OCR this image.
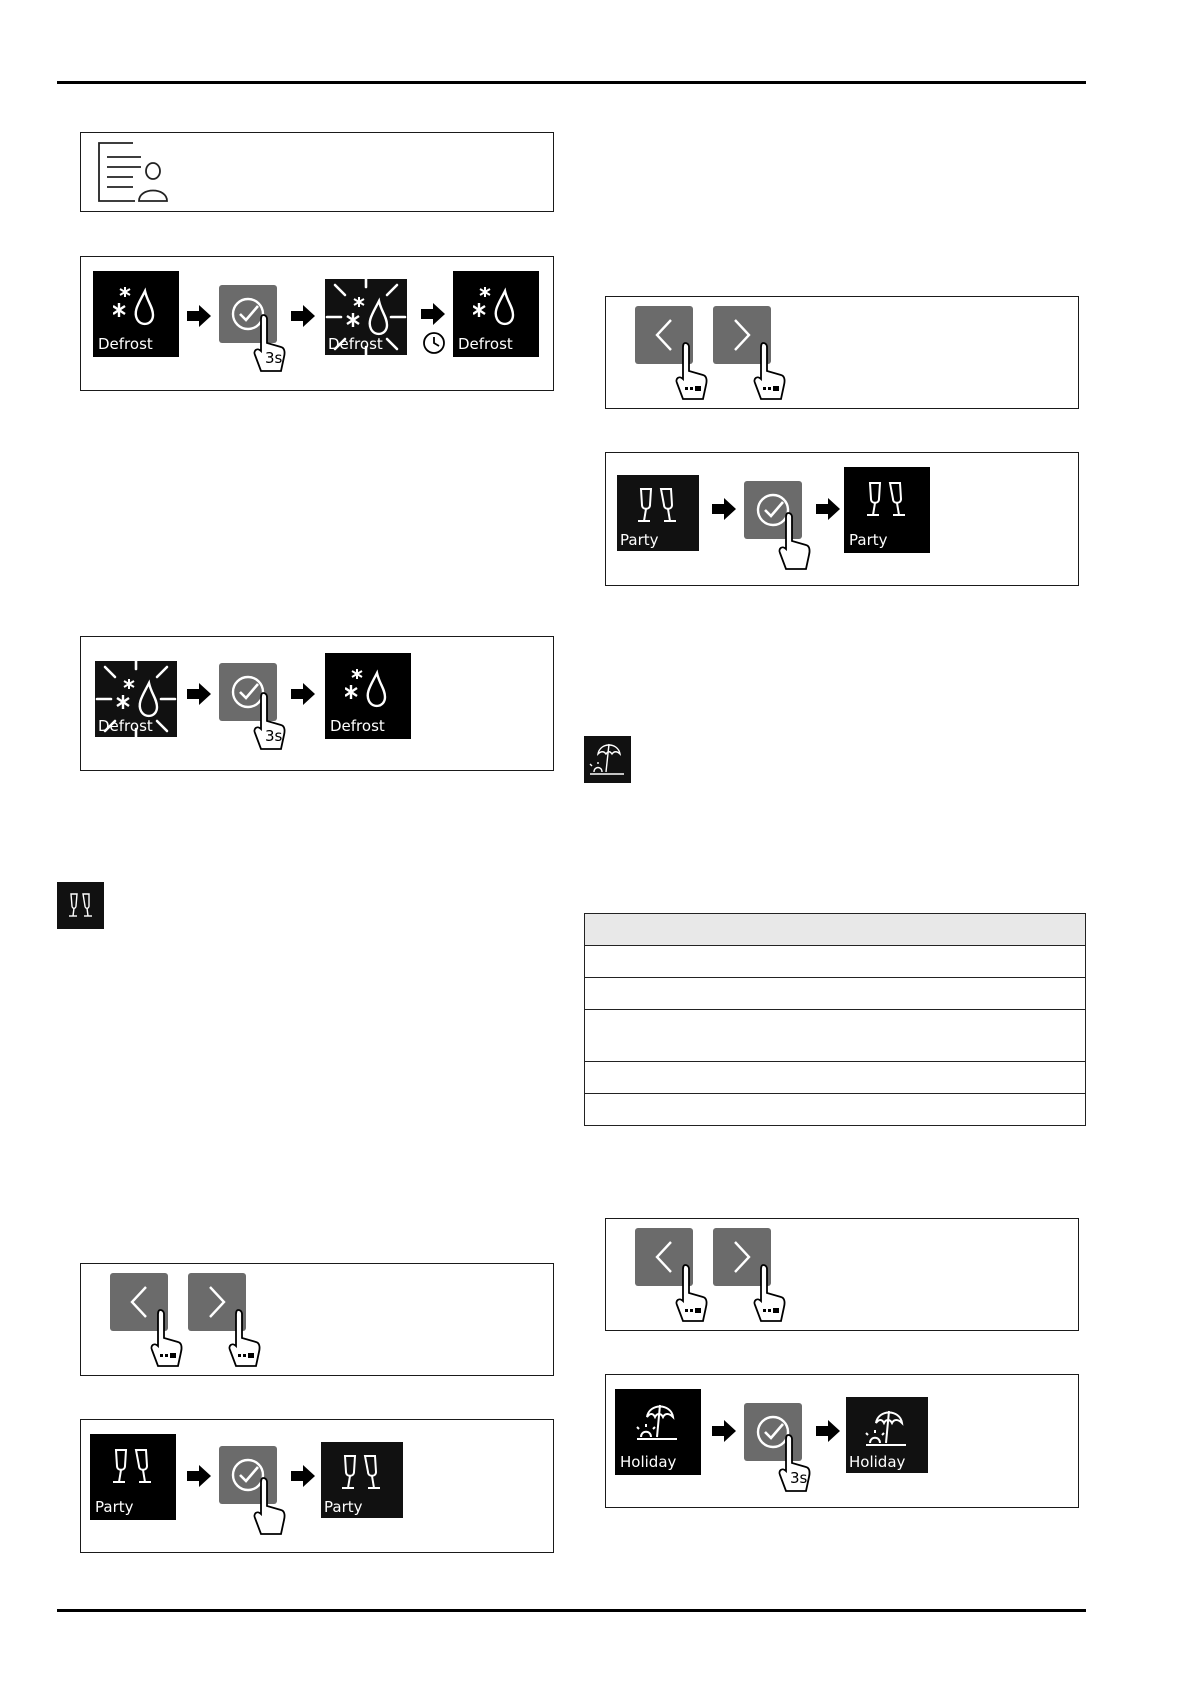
Defrost
3s
Defrost	Defrost
Defrost
3s
Defrost
Party	Party
Party	Party

Holiday
3s
Holiday
